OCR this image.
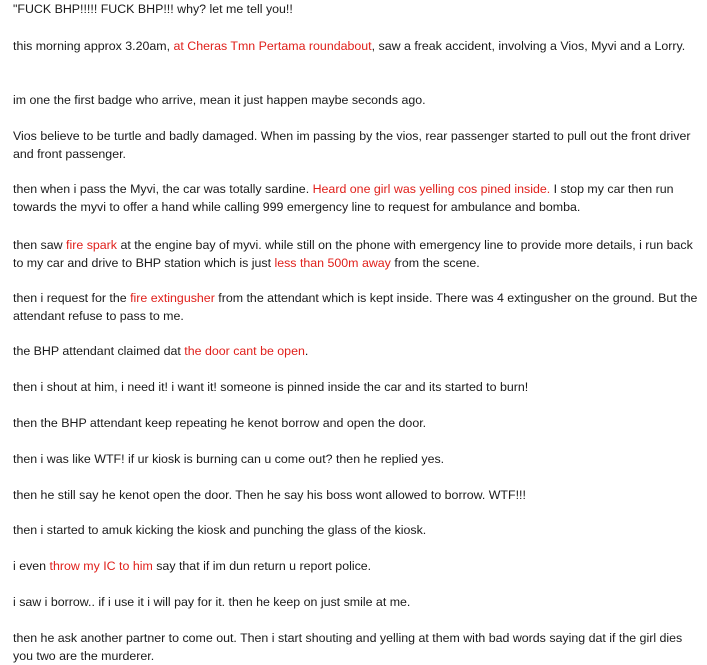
"FUCK BHP!!!!! FUCK BHP!!! why? let me tell you!!

this morning approx 3.20am, at Cheras Tmn Pertama roundabout, saw a freak accident, involving a Vios, Myvi and a Lorry.

im one the first badge who arrive, mean it just happen maybe seconds ago.

Vios believe to be turtle and badly damaged. When im passing by the vios, rear passenger started to pull out the front driver and front passenger.

then when i pass the Myvi, the car was totally sardine. Heard one girl was yelling cos pined inside. I stop my car then run towards the myvi to offer a hand while calling 999 emergency line to request for ambulance and bomba.

then saw fire spark at the engine bay of myvi. while still on the phone with emergency line to provide more details, i run back to my car and drive to BHP station which is just less than 500m away from the scene.

then i request for the fire extingusher from the attendant which is kept inside. There was 4 extingusher on the ground. But the attendant refuse to pass to me.

the BHP attendant claimed dat the door cant be open.

then i shout at him, i need it! i want it! someone is pinned inside the car and its started to burn!

then the BHP attendant keep repeating he kenot borrow and open the door.

then i was like WTF! if ur kiosk is burning can u come out? then he replied yes.

then he still say he kenot open the door. Then he say his boss wont allowed to borrow. WTF!!!

then i started to amuk kicking the kiosk and punching the glass of the kiosk.

i even throw my IC to him say that if im dun return u report police.

i saw i borrow.. if i use it i will pay for it. then he keep on just smile at me.

then he ask another partner to come out. Then i start shouting and yelling at them with bad words saying dat if the girl dies you two are the murderer.
